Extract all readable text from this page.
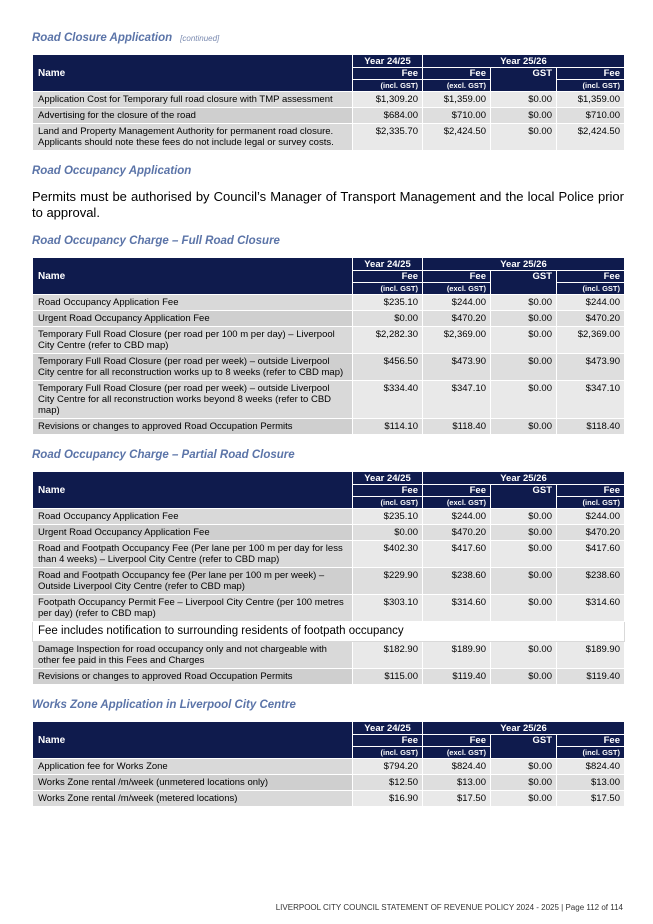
Road Closure Application [continued]
Name	Year 24/25	Year 25/26		
	Fee	Fee	GST	Fee
	(incl. GST)	(excl. GST)		(incl. GST)
Application Cost for Temporary full road closure with TMP assessment	$1,309.20	$1,359.00	$0.00	$1,359.00
Advertising for the closure of the road	$684.00	$710.00	$0.00	$710.00
Land and Property Management Authority for permanent road closure. Applicants should note these fees do not include legal or survey costs.	$2,335.70	$2,424.50	$0.00	$2,424.50
Road Occupancy Application
Permits must be authorised by Council’s Manager of Transport Management and the local Police prior to approval.
Road Occupancy Charge – Full Road Closure
Name	Year 24/25	Year 25/26		
	Fee	Fee	GST	Fee
	(incl. GST)	(excl. GST)		(incl. GST)
Road Occupancy Application Fee	$235.10	$244.00	$0.00	$244.00
Urgent Road Occupancy Application Fee	$0.00	$470.20	$0.00	$470.20
Temporary Full Road Closure (per road per 100 m per day) – Liverpool City Centre (refer to CBD map)	$2,282.30	$2,369.00	$0.00	$2,369.00
Temporary Full Road Closure (per road per week) – outside Liverpool City centre for all reconstruction works up to 8 weeks (refer to CBD map)	$456.50	$473.90	$0.00	$473.90
Temporary Full Road Closure (per road per week) – outside Liverpool City Centre for all reconstruction works beyond 8 weeks (refer to CBD map)	$334.40	$347.10	$0.00	$347.10
Revisions or changes to approved Road Occupation Permits	$114.10	$118.40	$0.00	$118.40
Road Occupancy Charge – Partial Road Closure
Name	Year 24/25	Year 25/26		
	Fee	Fee	GST	Fee
	(incl. GST)	(excl. GST)		(incl. GST)
Road Occupancy Application Fee	$235.10	$244.00	$0.00	$244.00
Urgent Road Occupancy Application Fee	$0.00	$470.20	$0.00	$470.20
Road and Footpath Occupancy Fee (Per lane per 100 m per day for less than 4 weeks) – Liverpool City Centre (refer to CBD map)	$402.30	$417.60	$0.00	$417.60
Road and Footpath Occupancy fee (Per lane per 100 m per week) – Outside Liverpool City Centre (refer to CBD map)	$229.90	$238.60	$0.00	$238.60
Footpath Occupancy Permit Fee – Liverpool City Centre (per 100 metres per day) (refer to CBD map)	$303.10	$314.60	$0.00	$314.60
Fee includes notification to surrounding residents of footpath occupancy				
Damage Inspection for road occupancy only and not chargeable with other fee paid in this Fees and Charges	$182.90	$189.90	$0.00	$189.90
Revisions or changes to approved Road Occupation Permits	$115.00	$119.40	$0.00	$119.40
Works Zone Application in Liverpool City Centre
Name	Year 24/25	Year 25/26		
	Fee	Fee	GST	Fee
	(incl. GST)	(excl. GST)		(incl. GST)
Application fee for Works Zone	$794.20	$824.40	$0.00	$824.40
Works Zone rental /m/week (unmetered locations only)	$12.50	$13.00	$0.00	$13.00
Works Zone rental /m/week (metered locations)	$16.90	$17.50	$0.00	$17.50
LIVERPOOL CITY COUNCIL STATEMENT OF REVENUE POLICY 2024 - 2025 | Page 112 of 114
